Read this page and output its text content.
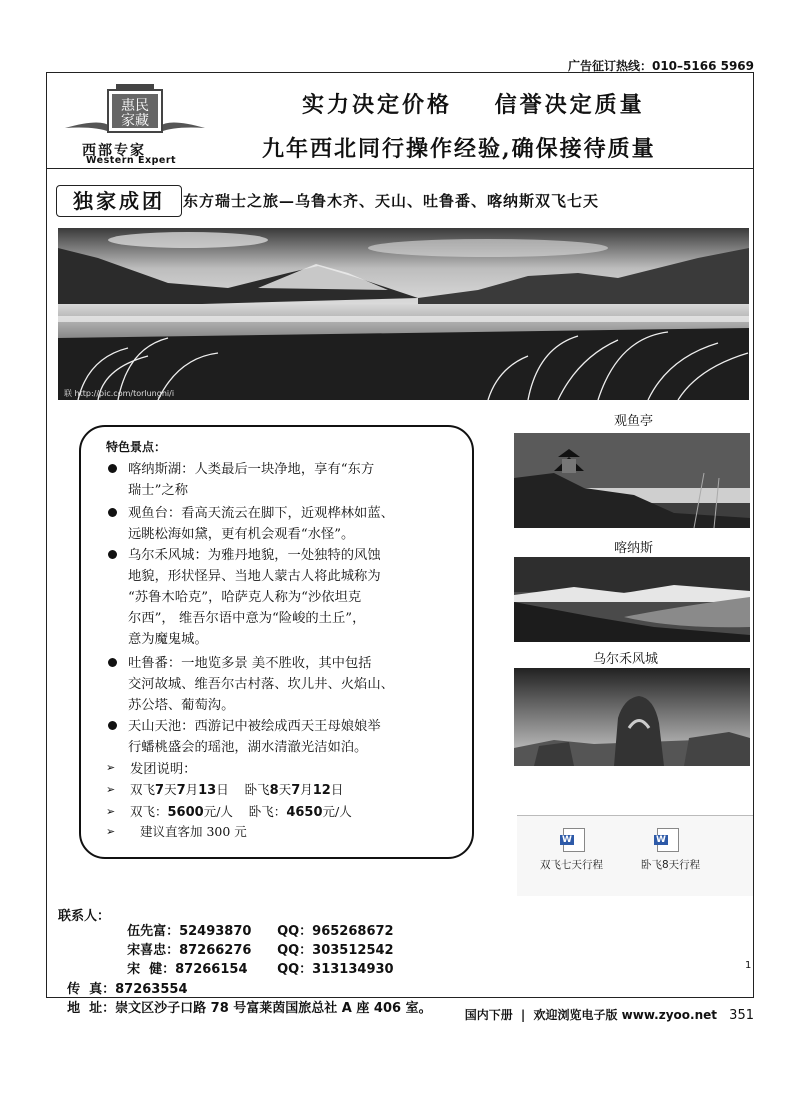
广告征订热线：010–5166 5969
惠民
家藏
西部专家
Western Expert
实力决定价格    信誉决定质量
九年西北同行操作经验,确保接待质量
独家成团	东方瑞士之旅—乌鲁木齐、天山、吐鲁番、喀纳斯双飞七天
联 http://pic.com/torlunghi/i
观鱼亭
喀纳斯
乌尔禾风城
特色景点：
喀纳斯湖：人类最后一块净地，享有“东方
瑞士”之称
观鱼台：看高天流云在脚下，近观桦林如蓝、
远眺松海如黛，更有机会观看“水怪”。
乌尔禾风城：为雅丹地貌，一处独特的风蚀
地貌，形状怪异、当地人蒙古人将此城称为
“苏鲁木哈克”，哈萨克人称为“沙依坦克
尔西”， 维吾尔语中意为“险峻的土丘”，
意为魔鬼城。
吐鲁番：一地览多景 美不胜收，其中包括
交河故城、维吾尔古村落、坎儿井、火焰山、
苏公塔、葡萄沟。
天山天池：西游记中被绘成西天王母娘娘举
行蟠桃盛会的瑶池，湖水清澈光洁如泊。
➢ 发团说明：
➢ 双飞7天7月13日    卧飞8天7月12日
➢ 双飞：5600元/人    卧飞：4650元/人
➢ 建议直客加 300 元
W
双飞七天行程
W
卧飞8天行程
联系人：

伍先富：52493870	QQ：965268672

宋喜忠：87266276	QQ：303512542

宋  健：87266154	QQ：313134930

传  真：87263554

地  址：崇文区沙子口路 78 号富莱茵国旅总社 A 座 406 室。

1
国内下册 | 欢迎浏览电子版 www.zyoo.net 351
